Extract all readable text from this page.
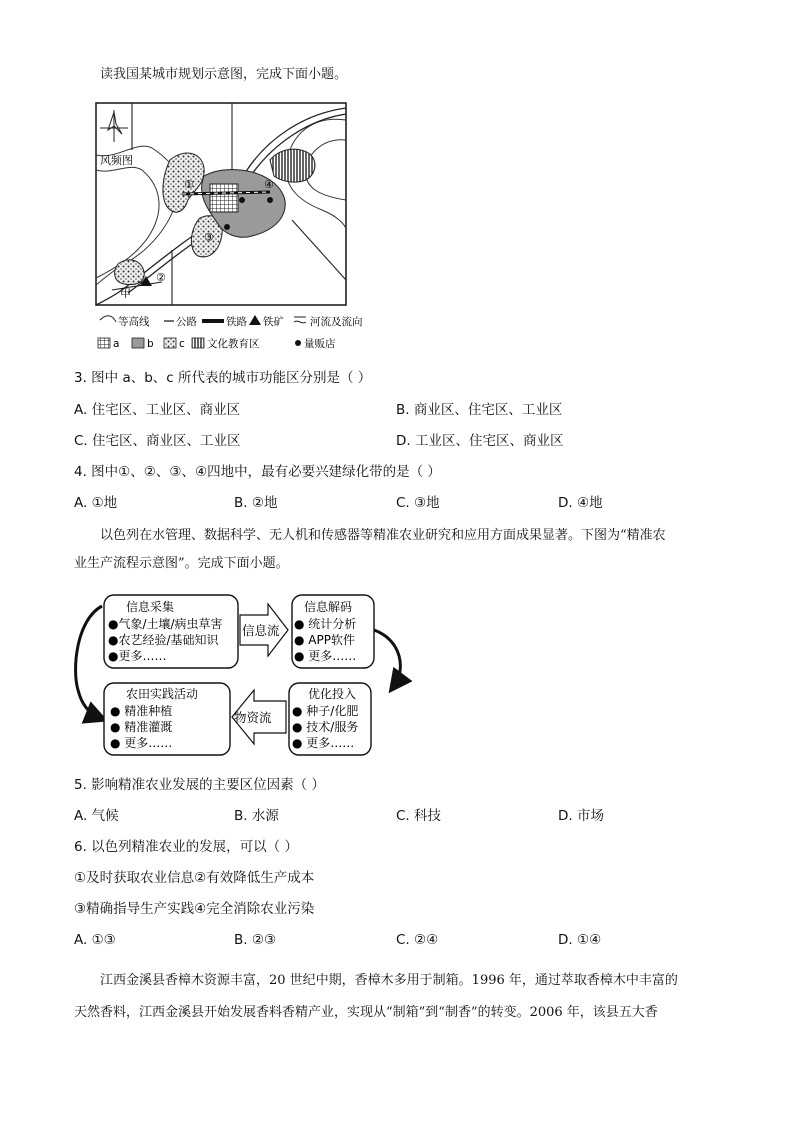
读我国某城市规划示意图，完成下面小题。
风频图
①
②
③
④
甲
等高线	公路	铁路 铁矿 河流及流向
a	b c 文化教育区	量贩店
3. 图中 a、b、c 所代表的城市功能区分别是（ ）
A. 住宅区、工业区、商业区	B. 商业区、住宅区、工业区
C. 住宅区、商业区、工业区	D. 工业区、住宅区、商业区
4. 图中①、②、③、④四地中，最有必要兴建绿化带的是（ ）
A. ①地	B. ②地	C. ③地	D. ④地
以色列在水管理、数据科学、无人机和传感器等精准农业研究和应用方面成果显著。下图为“精准农
业生产流程示意图”。完成下面小题。
信息采集
●气象/土壤/病虫草害
●农艺经验/基础知识
●更多……
信息流
信息解码
● 统计分析
● APP软件
● 更多……
优化投入
● 种子/化肥
● 技术/服务
● 更多……
物资流
农田实践活动
● 精准种植
● 精准灌溉
● 更多……
5. 影响精准农业发展的主要区位因素（ ）
A. 气候	B. 水源	C. 科技	D. 市场
6. 以色列精准农业的发展，可以（ ）
①及时获取农业信息②有效降低生产成本
③精确指导生产实践④完全消除农业污染
A. ①③	B. ②③	C. ②④	D. ①④
江西金溪县香樟木资源丰富，20 世纪中期，香樟木多用于制箱。1996 年，通过萃取香樟木中丰富的
天然香料，江西金溪县开始发展香料香精产业，实现从“制箱”到“制香”的转变。2006 年，该县五大香
